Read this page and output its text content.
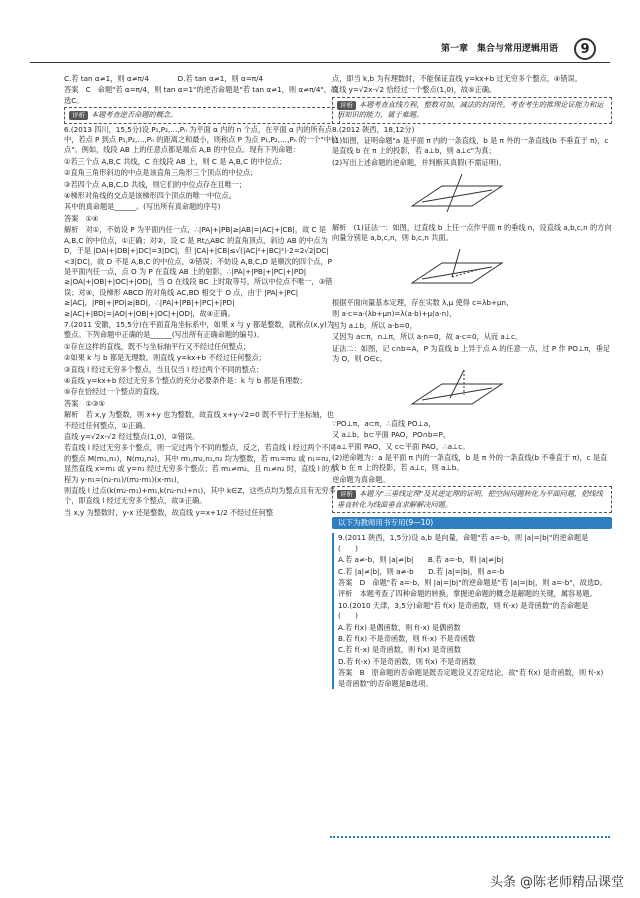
第一章　集合与常用逻辑用语	9

C.若 tan α≠1，则 α≠π/4　　　　D.若 tan α≠1，则 α=π/4

答案　C　命题"若 α=π/4，则 tan α=1"的逆否命题是"若 tan α≠1，则 α≠π/4"，故选C。

评析 本题考查逆否命题的概念。

6.(2013 四川，15,5分)设 P₁,P₂,…,Pₙ 为平面 α 内的 n 个点，在平面 α 内的所有点中，若点 P 到点 P₁,P₂,…,Pₙ 的距离之和最小，则称点 P 为点 P₁,P₂,…,Pₙ 的一个"中位点"。例如，线段 AB 上的任意点都是端点 A,B 的中位点。现有下列命题：

①若三个点 A,B,C 共线，C 在线段 AB 上，则 C 是 A,B,C 的中位点；

②直角三角形斜边的中点是该直角三角形三个顶点的中位点；

③若四个点 A,B,C,D 共线，则它们的中位点存在且唯一；

④梯形对角线的交点是该梯形四个顶点的唯一中位点。

其中的真命题是______。(写出所有真命题的序号)

答案　①④

解析　对①，不妨设 P 为平面内任一点，∴|PA|+|PB|≥|AB|=|AC|+|CB|，故 C 是 A,B,C 的中位点，①正确；对②，设 C 是 Rt△ABC 的直角顶点，斜边 AB 的中点为 D，于是 |DA|+|DB|+|DC|=3|DC|，但 |CA|+|CB|≤√(|AC|²+|BC|²)·2=2√2|DC|<3|DC|，故 D 不是 A,B,C 的中位点，②错误；不妨设 A,B,C,D 是顺次的四个点，P 是平面内任一点，点 O 为 P 在直线 AB 上的射影，∴|PA|+|PB|+|PC|+|PD|≥|OA|+|OB|+|OC|+|OD|，当 O 在线段 BC 上时取等号，所以中位点不唯一，③错误；对④，设梯形 ABCD 的对角线 AC,BD 相交于 O 点，由于 |PA|+|PC|≥|AC|，|PB|+|PD|≥|BD|，∴|PA|+|PB|+|PC|+|PD|≥|AC|+|BD|=|AO|+|OB|+|OC|+|OD|，故④正确。

7.(2011 安徽，15,5分)在平面直角坐标系中，如果 x 与 y 都是整数，就称点(x,y)为整点。下列命题中正确的是______(写出所有正确命题的编号)。

①存在这样的直线，既不与坐标轴平行又不经过任何整点；

②如果 k 与 b 都是无理数，则直线 y=kx+b 不经过任何整点；

③直线 l 经过无穷多个整点，当且仅当 l 经过两个不同的整点；

④直线 y=kx+b 经过无穷多个整点的充分必要条件是：k 与 b 都是有理数；

⑤存在恰经过一个整点的直线。

答案　①③⑤

解析　若 x,y 为整数，则 x+y 也为整数，故直线 x+y-√2=0 既不平行于坐标轴，也不经过任何整点，①正确。

直线 y=√2x-√2 经过整点(1,0)，②错误。

若直线 l 经过无穷多个整点，则一定过两个不同的整点，反之，若直线 l 经过两个不同的整点 M(m₁,n₁)，N(m₂,n₂)，其中 m₁,m₂,n₁,n₂ 均为整数，若 m₁=m₂ 或 n₁=n₂，显然直线 x=m₁ 或 y=n₁ 经过无穷多个整点；若 m₁≠m₂，且 n₁≠n₂ 时，直线 l 的方程为 y-n₁=(n₂-n₁)/(m₂-m₁)(x-m₁)，

则直线 l 过点(k(m₂-m₁)+m₁,k(n₂-n₁)+n₁)，其中 k∈Z，这些点均为整点且有无穷多个，即直线 l 经过无穷多个整点，故③正确。

当 x,y 为整数时，y-x 还是整数，故直线 y=x+1/2 不经过任何整

点，即当 k,b 为有理数时，不能保证直线 y=kx+b 过无穷多个整点，④错误。

直线 y=√2x-√2 恰经过一个整点(1,0)，故⑤正确。

评析 本题考查直线方程，整数对加，减法的封闭性，考查考生的推理论证能力和运用知识的能力，属于难题。

8.(2012 陕西，18,12分)

(1)如图，证明命题"a 是平面 π 内的一条直线，b 是 π 外的一条直线(b 不垂直于 π)，c 是直线 b 在 π 上的投影，若 a⊥b，则 a⊥c"为真；

(2)写出上述命题的逆命题，并判断其真假(不需证明)。

解析　(1)证法一：如图，过直线 b 上任一点作平面 π 的垂线 n，设直线 a,b,c,n 的方向向量分别是 a,b,c,n，则 b,c,n 共面。

根据平面向量基本定理，存在实数 λ,μ 使得 c=λb+μn，

则 a·c=a·(λb+μn)=λ(a·b)+μ(a·n)，

因为 a⊥b，所以 a·b=0，

又因为 a⊂π，n⊥π，所以 a·n=0，故 a·c=0，从而 a⊥c。

证法二：如图，记 c∩b=A，P 为直线 b 上异于点 A 的任意一点，过 P 作 PO⊥π，垂足为 O，则 O∈c。

∵PO⊥π，a⊂π，∴直线 PO⊥a，

又 a⊥b，b⊂平面 PAO，PO∩b=P，

∴a⊥平面 PAO，又 c⊂平面 PAO，∴a⊥c。

(2)逆命题为：a 是平面 π 内的一条直线，b 是 π 外的一条直线(b 不垂直于 π)，c 是直线 b 在 π 上的投影，若 a⊥c，则 a⊥b。

逆命题为真命题。

评析 本题为"三垂线定理"及其逆定理的证明，把空间问题转化为平面问题，把线线垂直转化为线面垂直求解解决问题。

以下为教师用书专用(9—10)

9.(2011 陕西，1,5分)设 a,b 是向量，命题"若 a=-b，则 |a|=|b|"的逆命题是　　　　　　(　　)

A.若 a≠-b，则 |a|≠|b|　　B.若 a=-b，则 |a|≠|b|

C.若 |a|≠|b|，则 a≠-b　　D.若 |a|=|b|，则 a=-b

答案　D　命题"若 a=-b，则 |a|=|b|"的逆命题是"若 |a|=|b|，则 a=-b"，故选D。

评析　本题考查了四种命题的转换，掌握逆命题的概念是解题的关键，属容易题。

10.(2010 天津，3,5分)命题"若 f(x) 是奇函数，则 f(-x) 是奇函数"的否命题是　　　　　　(　　)

A.若 f(x) 是偶函数，则 f(-x) 是偶函数

B.若 f(x) 不是奇函数，则 f(-x) 不是奇函数

C.若 f(-x) 是奇函数，则 f(x) 是奇函数

D.若 f(-x) 不是奇函数，则 f(x) 不是奇函数

答案　B　原命题的否命题是既否定题设又否定结论，故"若 f(x) 是奇函数，则 f(-x) 是奇函数"的否命题是B选项。

头条 @陈老师精品课堂
